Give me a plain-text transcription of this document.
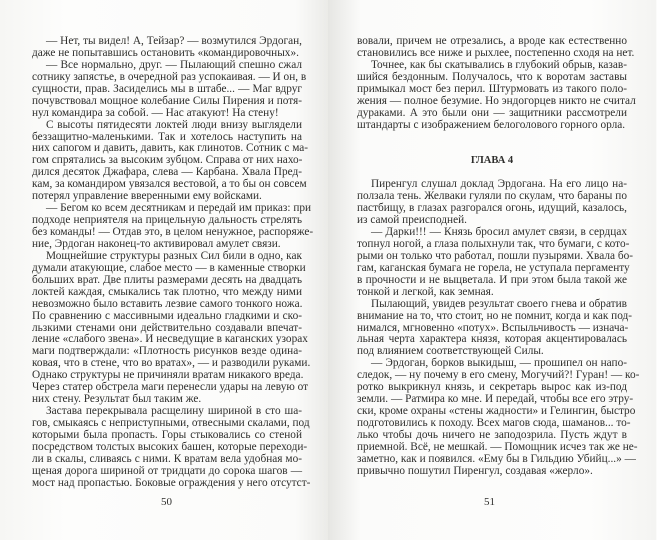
— Нет, ты видел! А, Тейзар? — возмутился Эрдоган,
даже не попытавшись остановить «командировочных».
— Все нормально, друг. — Пылающий спешно сжал
сотнику запястье, в очередной раз успокаивая. — И он, в
сущности, прав. Засиделись мы в штабе... — Маг вдруг
почувствовал мощное колебание Силы Пирения и потя-
нул командира за собой. — Нас атакуют! На стену!
С высоты пятидесяти локтей люди внизу выглядели
беззащитно-маленькими. Так и хотелось наступить на
них сапогом и давить, давить, как глинотов. Сотник с ма-
гом спрятались за высоким зубцом. Справа от них нахо-
дился десяток Джафара, слева — Карбана. Хвала Пред-
кам, за командиром увязался вестовой, а то бы он совсем
потерял управление вверенными ему войсками.
— Бегом ко всем десятникам и передай им приказ: при
подходе неприятеля на прицельную дальность стрелять
без команды! — Отдав это, в целом ненужное, распоряже-
ние, Эрдоган наконец-то активировал амулет связи.
Мощнейшие структуры разных Сил били в одно, как
думали атакующие, слабое место — в каменные створки
больших врат. Две плиты размерами десять на двадцать
локтей каждая, смыкались так плотно, что между ними
невозможно было вставить лезвие самого тонкого ножа.
По сравнению с массивными идеально гладкими и ско-
льзкими стенами они действительно создавали впечат-
ление «слабого звена». И несведущие в каганских узорах
маги подтверждали: «Плотность рисунков везде одина-
ковая, что в стене, что во вратах», — и разводили руками.
Однако структуры не причиняли вратам никакого вреда.
Через статер обстрела маги перенесли удары на левую от
них стену. Результат был таким же.
Застава перекрывала расщелину шириной в сто ша-
гов, смыкаясь с неприступными, отвесными скалами, под
которыми была пропасть. Горы стыковались со стеной
посредством толстых высоких башен, которые переходи-
ли в скалы, сливаясь с ними. К вратам вела удобная мо-
щеная дорога шириной от тридцати до сорока шагов —
мост над пропастью. Боковые ограждения у него отсутст-
50
вовали, причем не отрезались, а вроде как естественно
становились все ниже и рыхлее, постепенно сходя на нет.
Точнее, как бы скатывались в глубокий обрыв, казав-
шийся бездонным. Получалось, что к воротам заставы
примыкал мост без перил. Штурмовать из такого поло-
жения — полное безумие. Но эндогорцев никто не считал
дураками. А это были они — защитники рассмотрели
штандарты с изображением белоголового горного орла.
ГЛАВА 4
Пиренгул слушал доклад Эрдогана. На его лицо на-
ползала тень. Желваки гуляли по скулам, что бараны по
пастбищу, в глазах разгорался огонь, идущий, казалось,
из самой преисподней.
— Дарки!!! — Князь бросил амулет связи, в сердцах
топнул ногой, а глаза полыхнули так, что бумаги, с кото-
рыми он только что работал, пошли пузырями. Хвала бо-
гам, каганская бумага не горела, не уступала пергаменту
в прочности и не выцветала. И при этом была такой же
тонкой и легкой, как земная.
Пылающий, увидев результат своего гнева и обратив
внимание на то, что стоит, но не помнит, когда и как под-
нимался, мгновенно «потух». Вспыльчивость — изнача-
льная черта характера князя, которая акцентировалась
под влиянием соответствующей Силы.
— Эрдоган, борков выкидыш, — прошипел он напо-
следок, — ну почему в его смену, Могучий?! Гуран! — ко-
ротко выкрикнул князь, и секретарь вырос как из-под
земли. — Ратмира ко мне. И передай, чтобы все его этру-
ски, кроме охраны «стены жадности» и Гелингин, быстро
подготовились к походу. Всех магов сюда, шаманов... то-
лько чтобы дочь ничего не заподозрила. Пусть ждут в
приемной. Всё, не мешкай. — Помощник исчез так же не-
заметно, как и появился. «Ему бы в Гильдию Убийц...» —
привычно пошутил Пиренгул, создавая «жерло».
51
